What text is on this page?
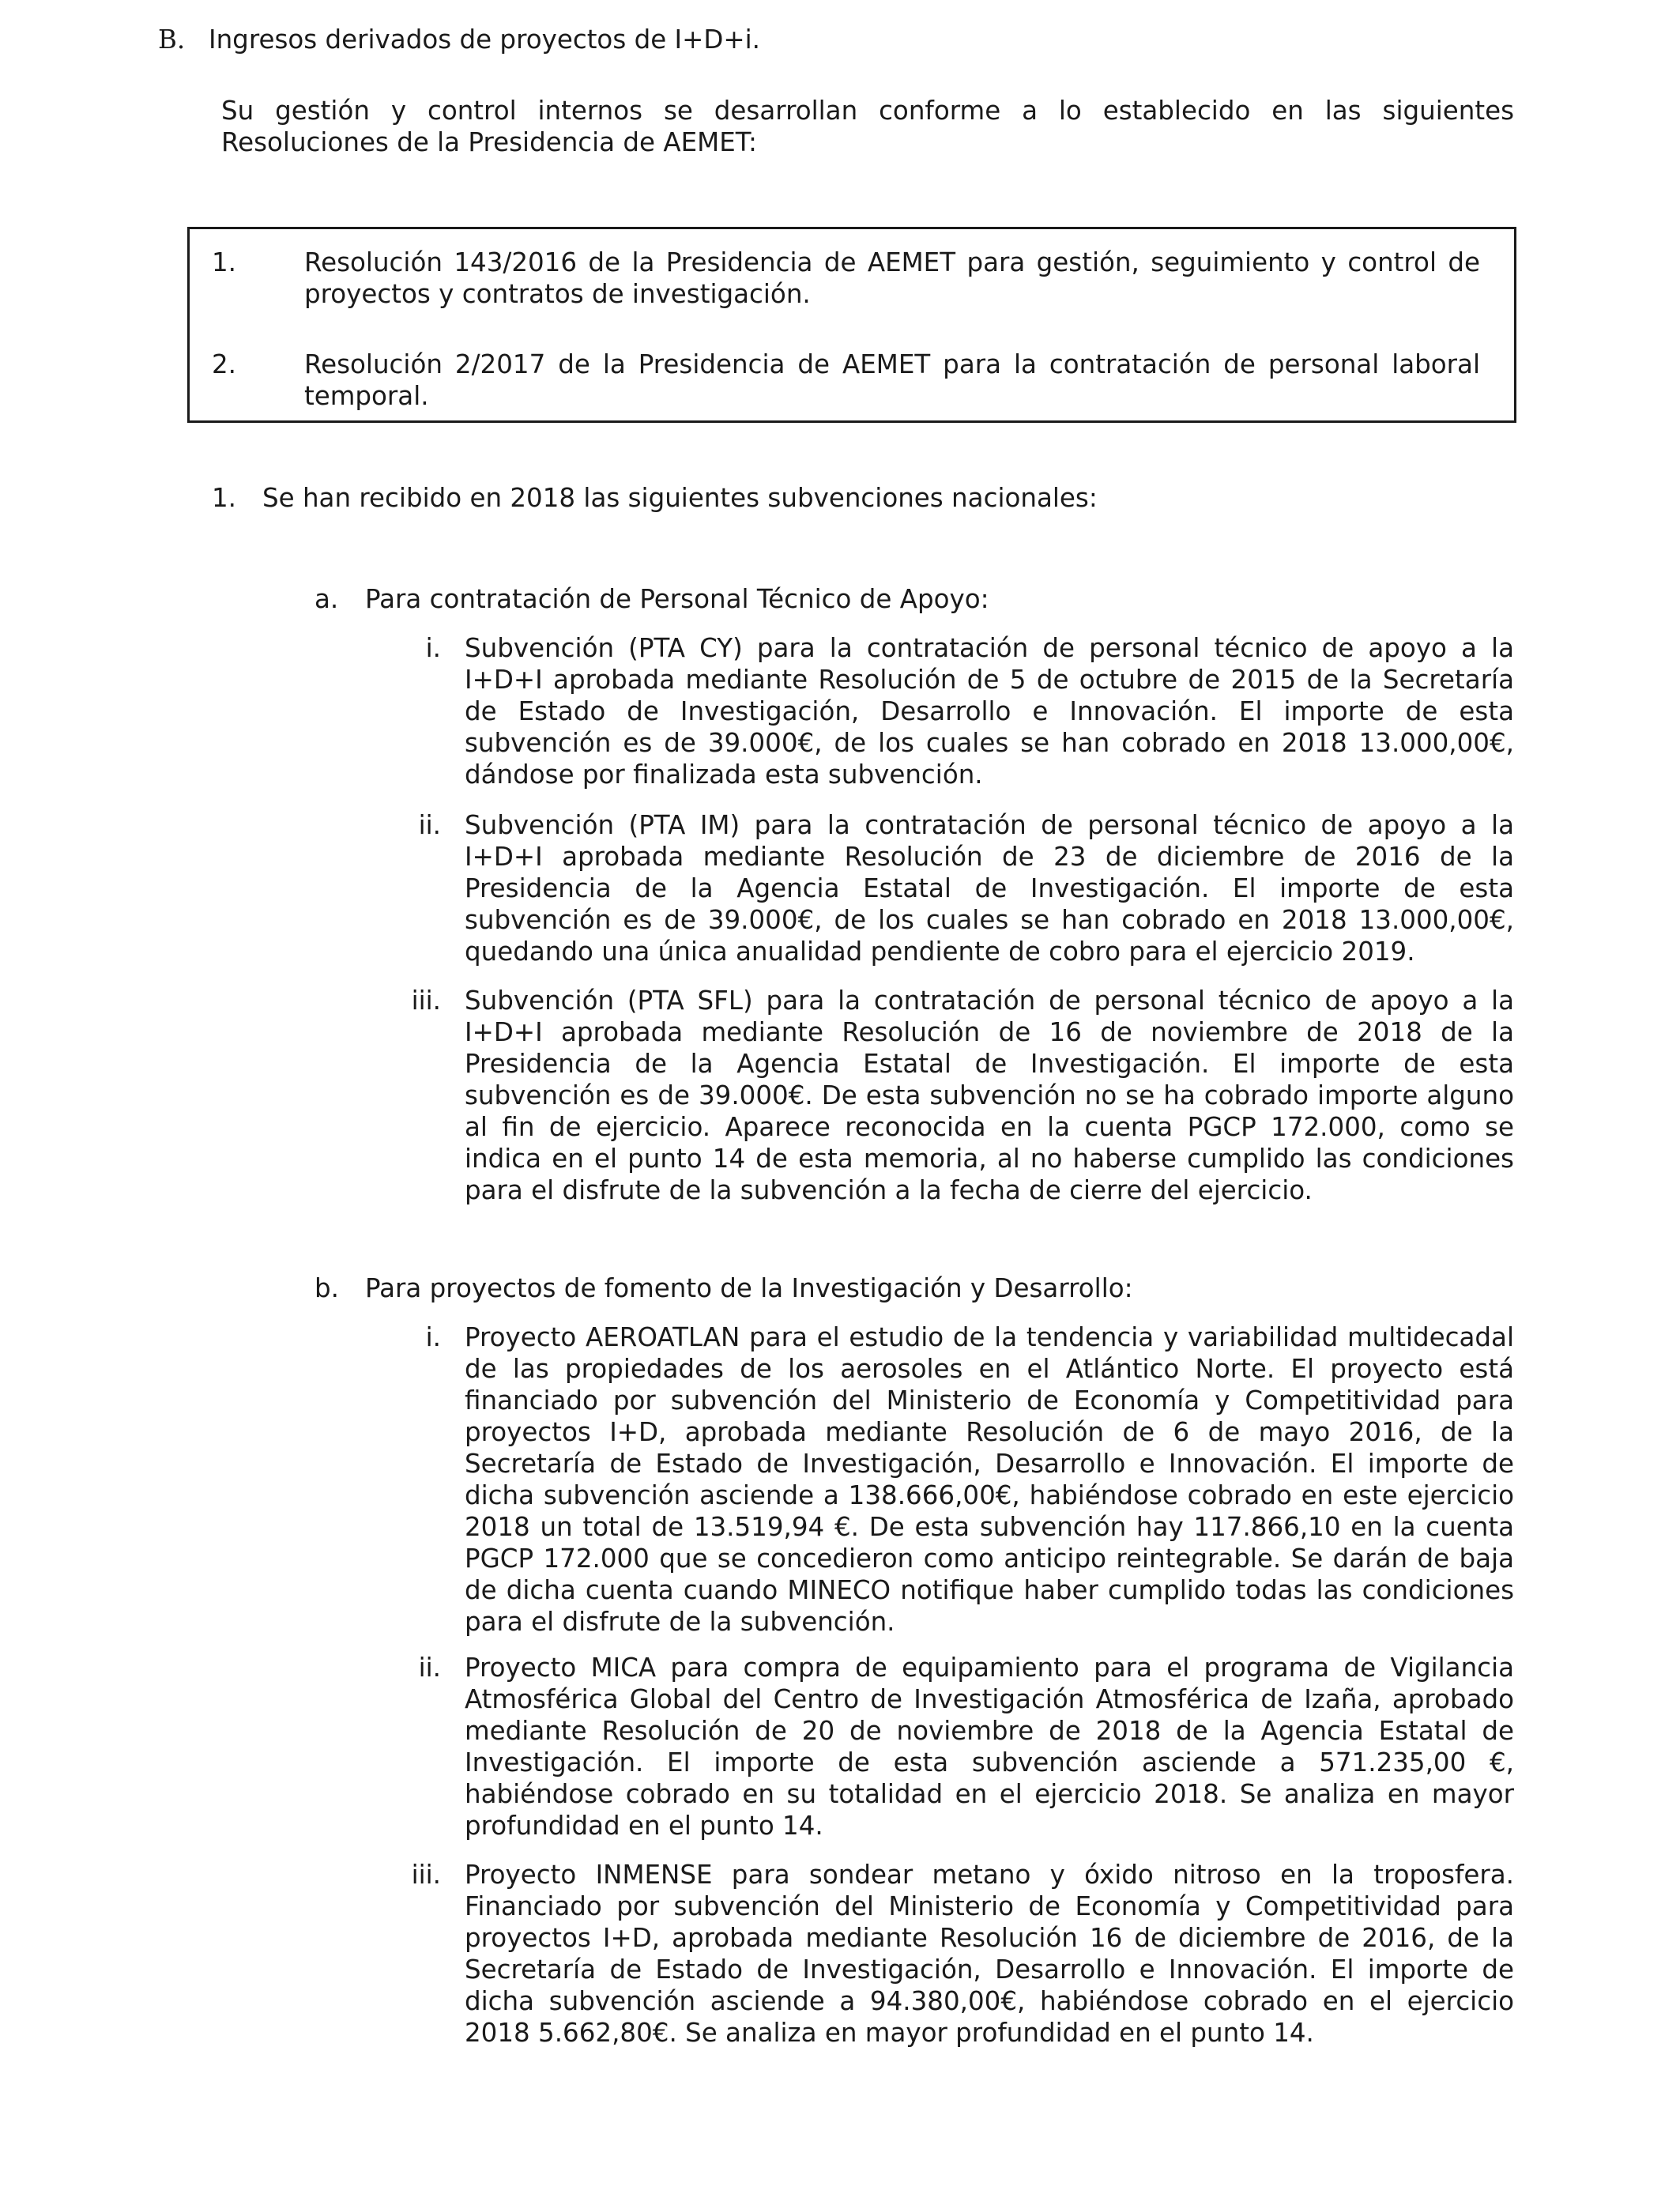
B. Ingresos derivados de proyectos de I+D+i.
Su gestión y control internos se desarrollan conforme a lo establecido en las siguientes Resoluciones de la Presidencia de AEMET:
1.	Resolución 143/2016 de la Presidencia de AEMET para gestión, seguimiento y control de proyectos y contratos de investigación.
2.	Resolución 2/2017 de la Presidencia de AEMET para la contratación de personal laboral temporal.
1. Se han recibido en 2018 las siguientes subvenciones nacionales:
a. Para contratación de Personal Técnico de Apoyo:
i. Subvención (PTA CY) para la contratación de personal técnico de apoyo a la I+D+I aprobada mediante Resolución de 5 de octubre de 2015 de la Secretaría de Estado de Investigación, Desarrollo e Innovación. El importe de esta subvención es de 39.000€, de los cuales se han cobrado en 2018 13.000,00€, dándose por finalizada esta subvención.
ii. Subvención (PTA IM) para la contratación de personal técnico de apoyo a la I+D+I aprobada mediante Resolución de 23 de diciembre de 2016 de la Presidencia de la Agencia Estatal de Investigación. El importe de esta subvención es de 39.000€, de los cuales se han cobrado en 2018 13.000,00€, quedando una única anualidad pendiente de cobro para el ejercicio 2019.
iii. Subvención (PTA SFL) para la contratación de personal técnico de apoyo a la I+D+I aprobada mediante Resolución de 16 de noviembre de 2018 de la Presidencia de la Agencia Estatal de Investigación. El importe de esta subvención es de 39.000€. De esta subvención no se ha cobrado importe alguno al fin de ejercicio. Aparece reconocida en la cuenta PGCP 172.000, como se indica en el punto 14 de esta memoria, al no haberse cumplido las condiciones para el disfrute de la subvención a la fecha de cierre del ejercicio.
b. Para proyectos de fomento de la Investigación y Desarrollo:
i. Proyecto AEROATLAN para el estudio de la tendencia y variabilidad multidecadal de las propiedades de los aerosoles en el Atlántico Norte. El proyecto está financiado por subvención del Ministerio de Economía y Competitividad para proyectos I+D, aprobada mediante Resolución de 6 de mayo 2016, de la Secretaría de Estado de Investigación, Desarrollo e Innovación. El importe de dicha subvención asciende a 138.666,00€, habiéndose cobrado en este ejercicio 2018 un total de 13.519,94 €. De esta subvención hay 117.866,10 en la cuenta PGCP 172.000 que se concedieron como anticipo reintegrable. Se darán de baja de dicha cuenta cuando MINECO notifique haber cumplido todas las condiciones para el disfrute de la subvención.
ii. Proyecto MICA para compra de equipamiento para el programa de Vigilancia Atmosférica Global del Centro de Investigación Atmosférica de Izaña, aprobado mediante Resolución de 20 de noviembre de 2018 de la Agencia Estatal de Investigación. El importe de esta subvención asciende a 571.235,00 €, habiéndose cobrado en su totalidad en el ejercicio 2018. Se analiza en mayor profundidad en el punto 14.
iii. Proyecto INMENSE para sondear metano y óxido nitroso en la troposfera. Financiado por subvención del Ministerio de Economía y Competitividad para proyectos I+D, aprobada mediante Resolución 16 de diciembre de 2016, de la Secretaría de Estado de Investigación, Desarrollo e Innovación. El importe de dicha subvención asciende a 94.380,00€, habiéndose cobrado en el ejercicio 2018 5.662,80€. Se analiza en mayor profundidad en el punto 14.
